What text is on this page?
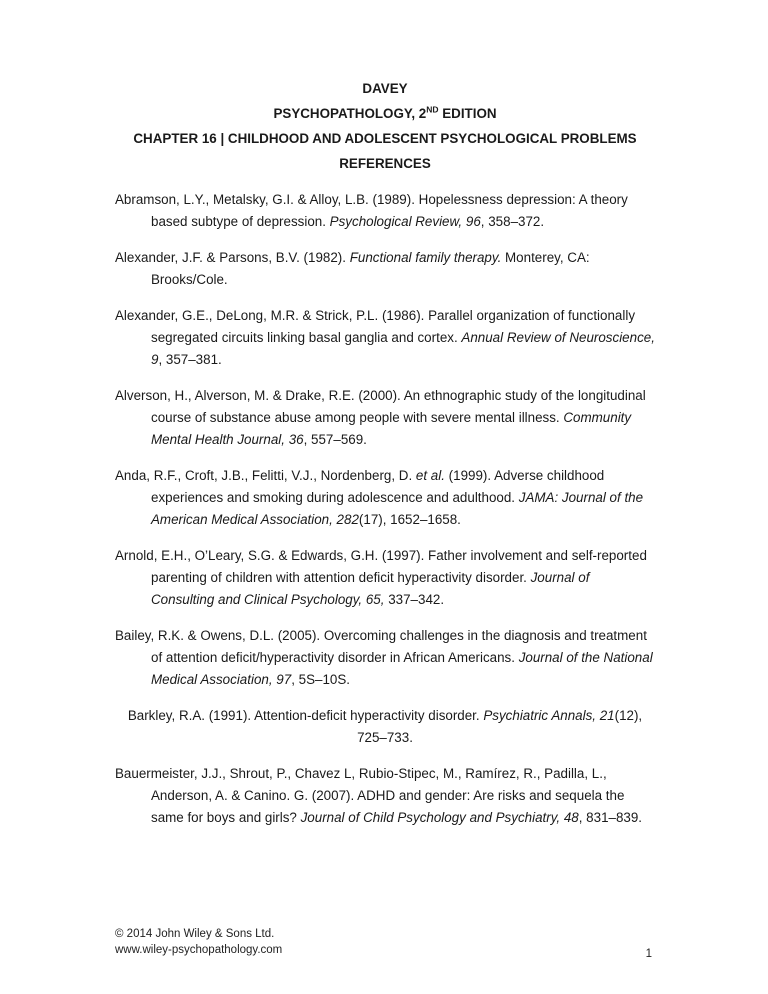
DAVEY

PSYCHOPATHOLOGY, 2ND EDITION

CHAPTER 16 | CHILDHOOD AND ADOLESCENT PSYCHOLOGICAL PROBLEMS

REFERENCES

Abramson, L.Y., Metalsky, G.I. & Alloy, L.B. (1989). Hopelessness depression: A theory based subtype of depression. Psychological Review, 96, 358–372.

Alexander, J.F. & Parsons, B.V. (1982). Functional family therapy. Monterey, CA: Brooks/Cole.

Alexander, G.E., DeLong, M.R. & Strick, P.L. (1986). Parallel organization of functionally segregated circuits linking basal ganglia and cortex. Annual Review of Neuroscience, 9, 357–381.

Alverson, H., Alverson, M. & Drake, R.E. (2000). An ethnographic study of the longitudinal course of substance abuse among people with severe mental illness. Community Mental Health Journal, 36, 557–569.

Anda, R.F., Croft, J.B., Felitti, V.J., Nordenberg, D. et al. (1999). Adverse childhood experiences and smoking during adolescence and adulthood. JAMA: Journal of the American Medical Association, 282(17), 1652–1658.

Arnold, E.H., O’Leary, S.G. & Edwards, G.H. (1997). Father involvement and self-reported parenting of children with attention deficit hyperactivity disorder. Journal of Consulting and Clinical Psychology, 65, 337–342.

Bailey, R.K. & Owens, D.L. (2005). Overcoming challenges in the diagnosis and treatment of attention deficit/hyperactivity disorder in African Americans. Journal of the National Medical Association, 97, 5S–10S.

Barkley, R.A. (1991). Attention-deficit hyperactivity disorder. Psychiatric Annals, 21(12), 725–733.

Bauermeister, J.J., Shrout, P., Chavez L, Rubio-Stipec, M., Ramírez, R., Padilla, L., Anderson, A. & Canino. G. (2007). ADHD and gender: Are risks and sequela the same for boys and girls? Journal of Child Psychology and Psychiatry, 48, 831–839.

© 2014 John Wiley & Sons Ltd.
www.wiley-psychopathology.com	1
